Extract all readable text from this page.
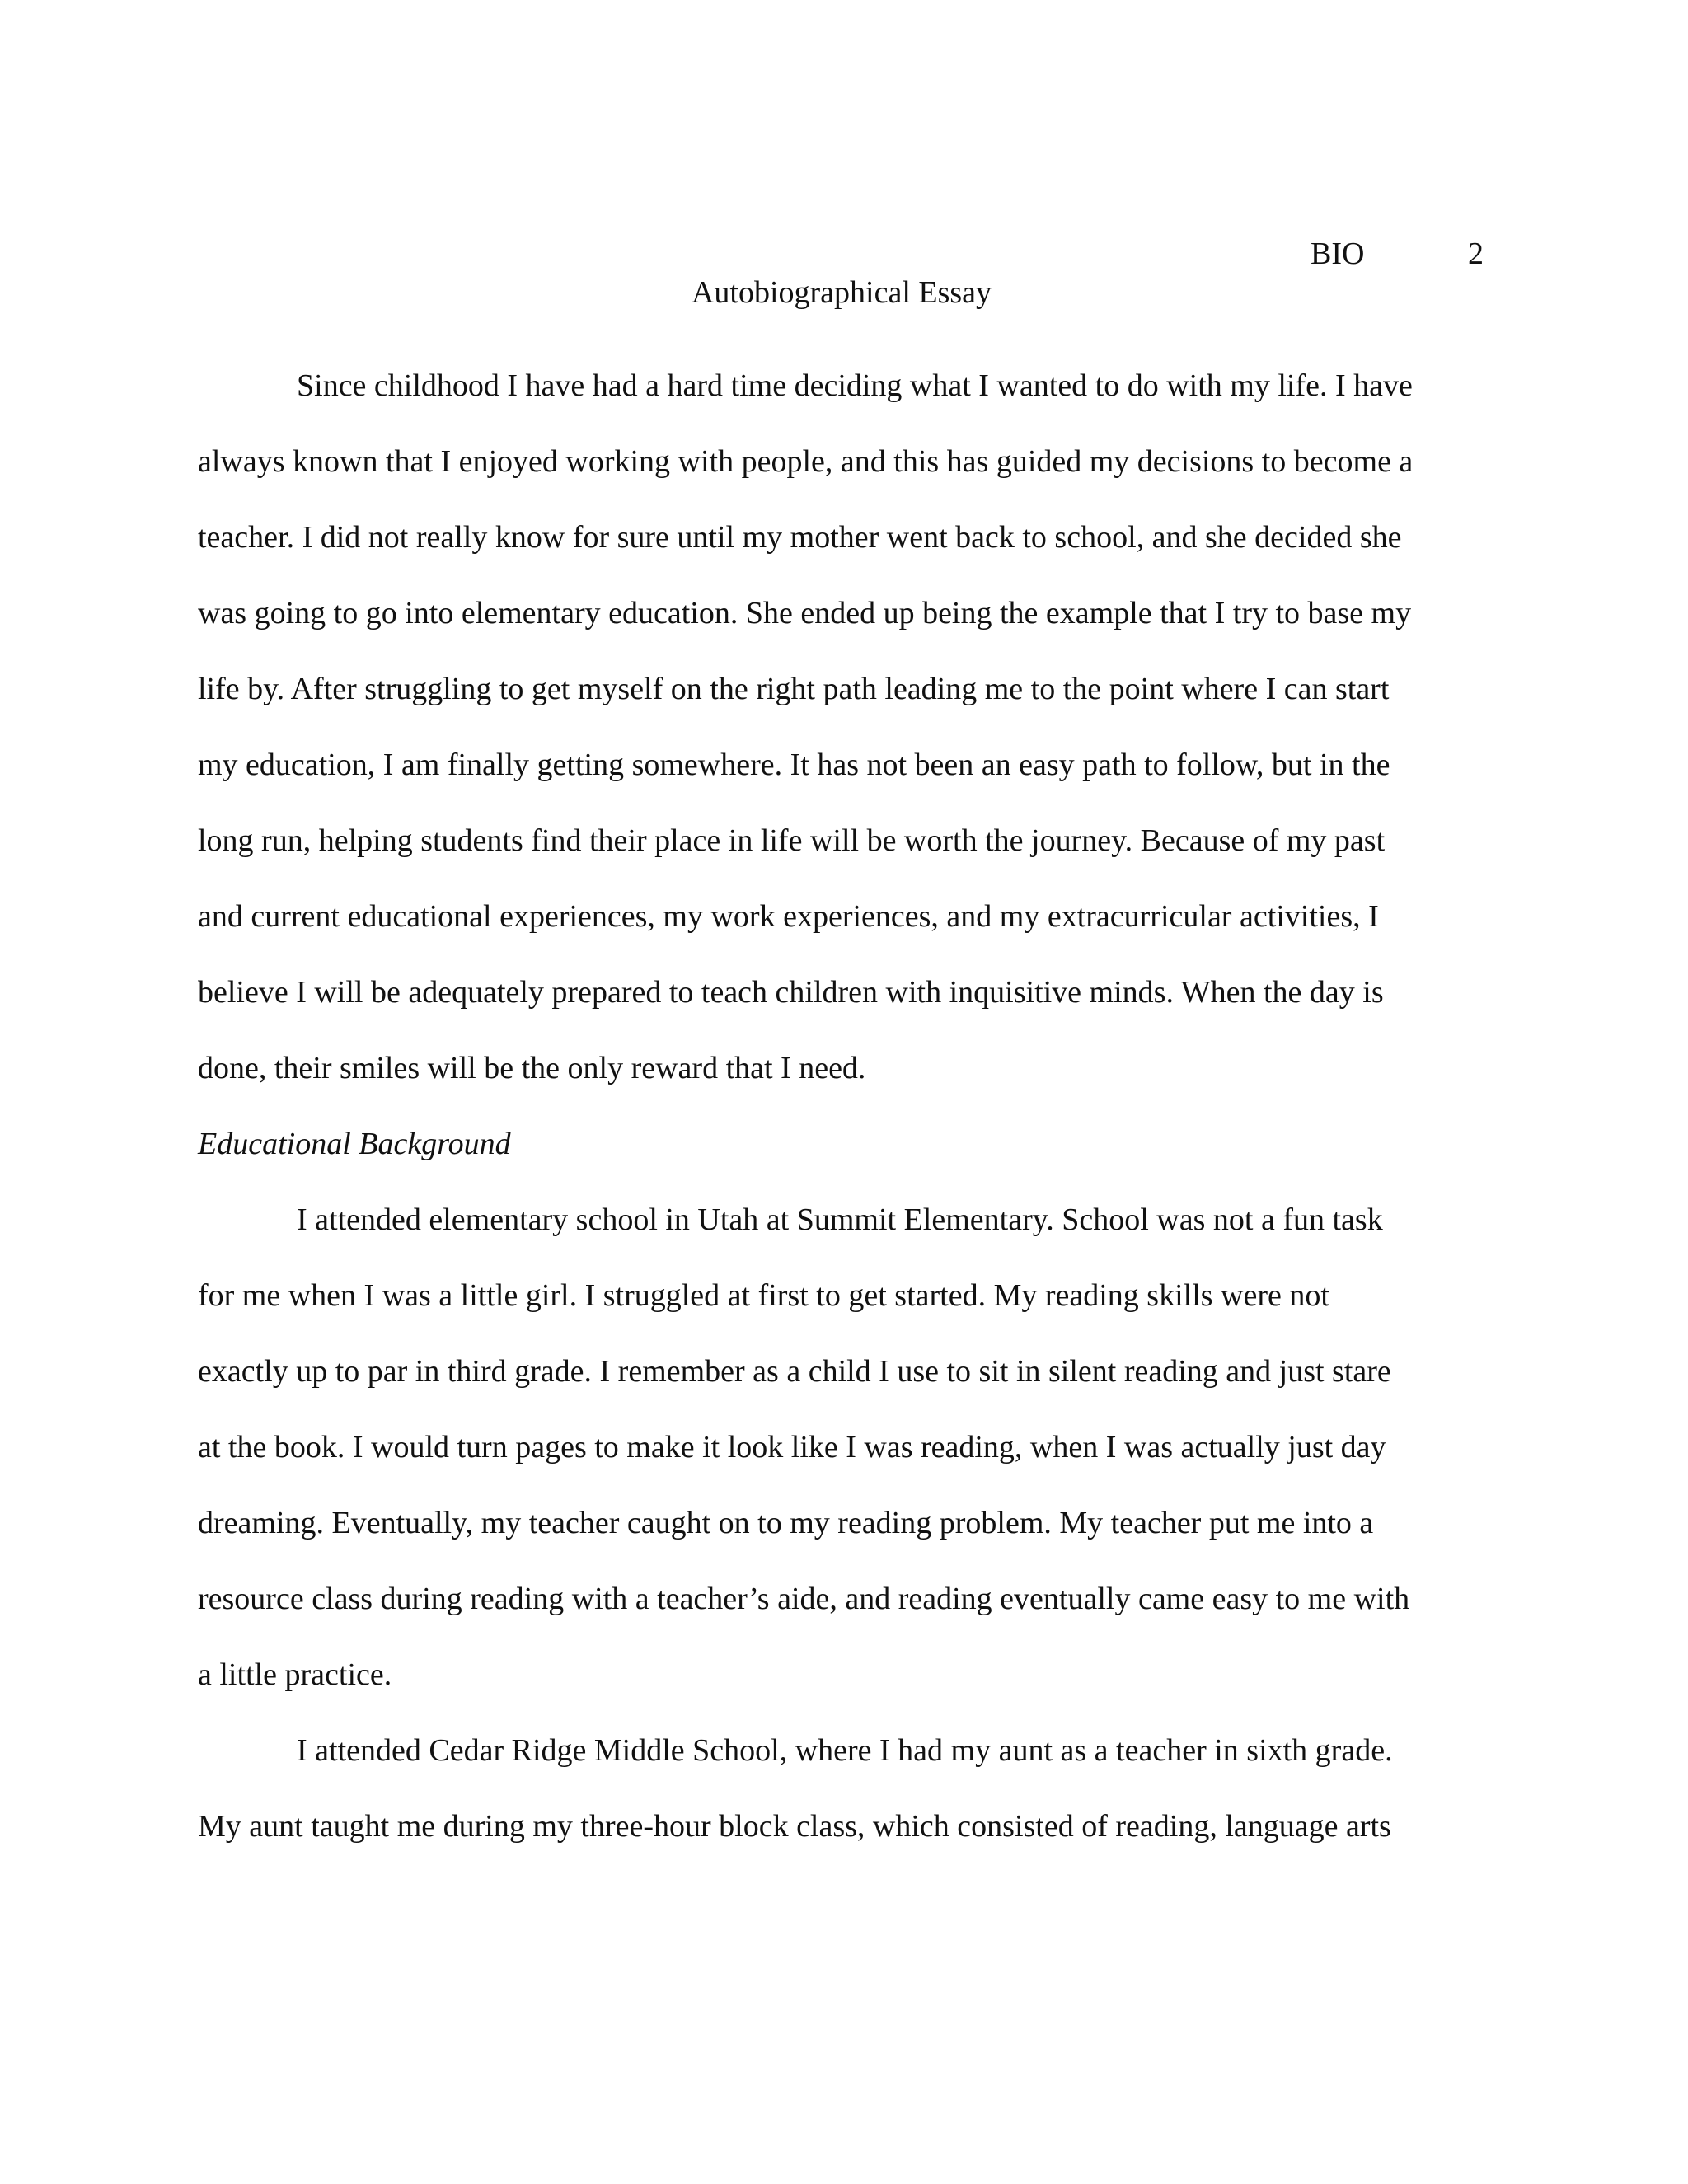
BIO	2
Autobiographical Essay

Since childhood I have had a hard time deciding what I wanted to do with my life. I have
always known that I enjoyed working with people, and this has guided my decisions to become a
teacher. I did not really know for sure until my mother went back to school, and she decided she
was going to go into elementary education. She ended up being the example that I try to base my
life by. After struggling to get myself on the right path leading me to the point where I can start
my education, I am finally getting somewhere. It has not been an easy path to follow, but in the
long run, helping students find their place in life will be worth the journey. Because of my past
and current educational experiences, my work experiences, and my extracurricular activities, I
believe I will be adequately prepared to teach children with inquisitive minds. When the day is
done, their smiles will be the only reward that I need.

Educational Background

I attended elementary school in Utah at Summit Elementary. School was not a fun task
for me when I was a little girl. I struggled at first to get started. My reading skills were not
exactly up to par in third grade. I remember as a child I use to sit in silent reading and just stare
at the book. I would turn pages to make it look like I was reading, when I was actually just day
dreaming. Eventually, my teacher caught on to my reading problem. My teacher put me into a
resource class during reading with a teacher’s aide, and reading eventually came easy to me with
a little practice.

I attended Cedar Ridge Middle School, where I had my aunt as a teacher in sixth grade.
My aunt taught me during my three-hour block class, which consisted of reading, language arts
